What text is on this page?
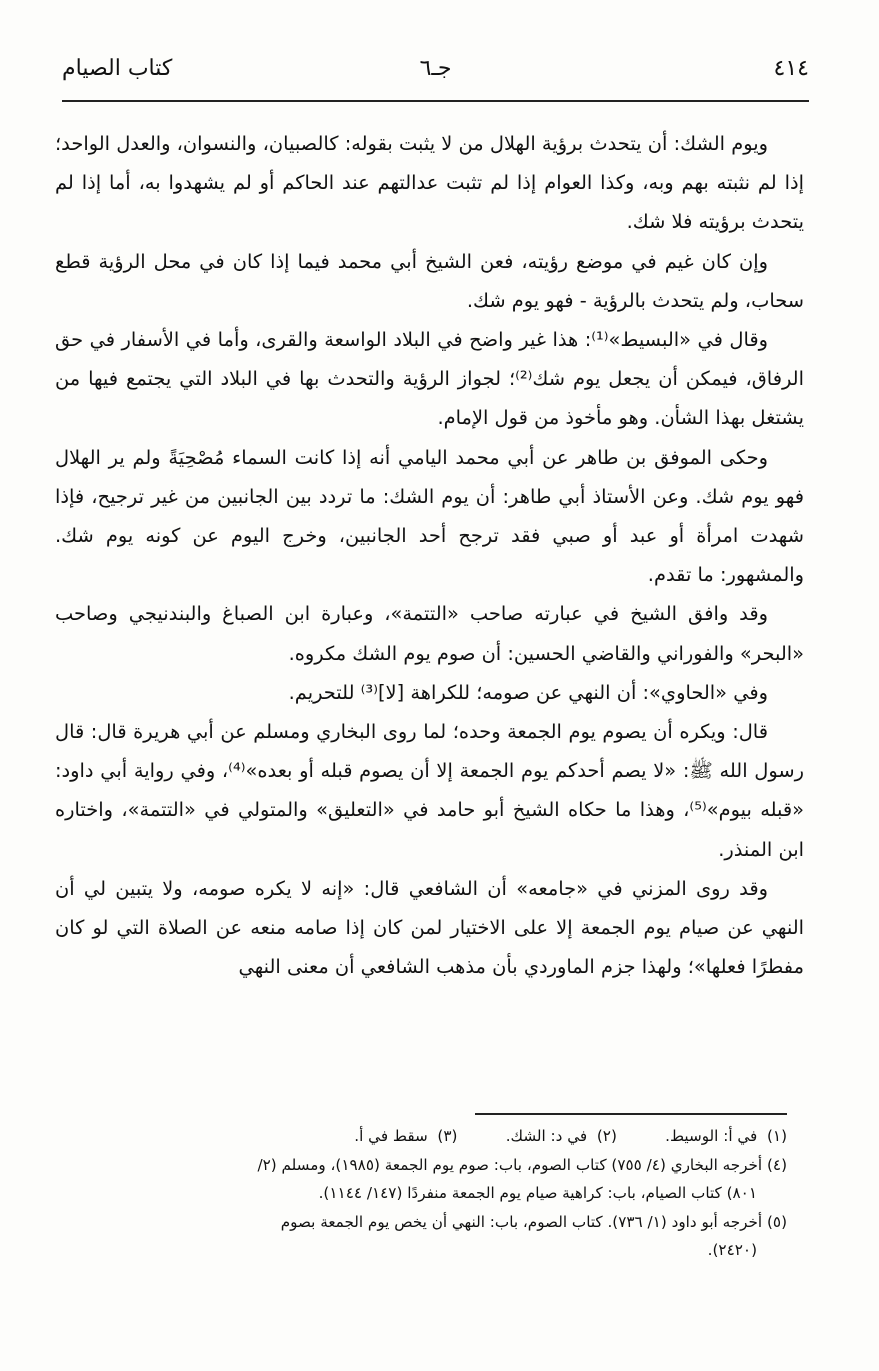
٤١٤
جـ٦
كتاب الصيام

ويوم الشك: أن يتحدث برؤية الهلال من لا يثبت بقوله: كالصبيان، والنسوان، والعدل الواحد؛ إذا لم نثبته بهم وبه، وكذا العوام إذا لم تثبت عدالتهم عند الحاكم أو لم يشهدوا به، أما إذا لم يتحدث برؤيته فلا شك.

وإن كان غيم في موضع رؤيته، فعن الشيخ أبي محمد فيما إذا كان في محل الرؤية قطع سحاب، ولم يتحدث بالرؤية - فهو يوم شك.

وقال في «البسيط»⁽¹⁾: هذا غير واضح في البلاد الواسعة والقرى، وأما في الأسفار في حق الرفاق، فيمكن أن يجعل يوم شك⁽²⁾؛ لجواز الرؤية والتحدث بها في البلاد التي يجتمع فيها من يشتغل بهذا الشأن. وهو مأخوذ من قول الإمام.

وحكى الموفق بن طاهر عن أبي محمد اليامي أنه إذا كانت السماء مُصْحِيَةً ولم ير الهلال فهو يوم شك. وعن الأستاذ أبي طاهر: أن يوم الشك: ما تردد بين الجانبين من غير ترجيح، فإذا شهدت امرأة أو عبد أو صبي فقد ترجح أحد الجانبين، وخرج اليوم عن كونه يوم شك. والمشهور: ما تقدم.

وقد وافق الشيخ في عبارته صاحب «التتمة»، وعبارة ابن الصباغ والبندنيجي وصاحب «البحر» والفوراني والقاضي الحسين: أن صوم يوم الشك مكروه.

وفي «الحاوي»: أن النهي عن صومه؛ للكراهة [لا]⁽³⁾ للتحريم.

قال: ويكره أن يصوم يوم الجمعة وحده؛ لما روى البخاري ومسلم عن أبي هريرة قال: قال رسول الله ﷺ: «لا يصم أحدكم يوم الجمعة إلا أن يصوم قبله أو بعده»⁽⁴⁾، وفي رواية أبي داود: «قبله بيوم»⁽⁵⁾، وهذا ما حكاه الشيخ أبو حامد في «التعليق» والمتولي في «التتمة»، واختاره ابن المنذر.

وقد روى المزني في «جامعه» أن الشافعي قال: «إنه لا يكره صومه، ولا يتبين لي أن النهي عن صيام يوم الجمعة إلا على الاختيار لمن كان إذا صامه منعه عن الصلاة التي لو كان مفطرًا فعلها»؛ ولهذا جزم الماوردي بأن مذهب الشافعي أن معنى النهي

(١)  في أ: الوسيط.          (٢)  في د: الشك.          (٣)  سقط في أ.
(٤) أخرجه البخاري (٤/ ٧٥٥) كتاب الصوم، باب: صوم يوم الجمعة (١٩٨٥)، ومسلم (٢/
٨٠١) كتاب الصيام، باب: كراهية صيام يوم الجمعة منفردًا (١٤٧/ ١١٤٤).
(٥) أخرجه أبو داود (١/ ٧٣٦). كتاب الصوم، باب: النهي أن يخص يوم الجمعة بصوم
(٢٤٢٠).
